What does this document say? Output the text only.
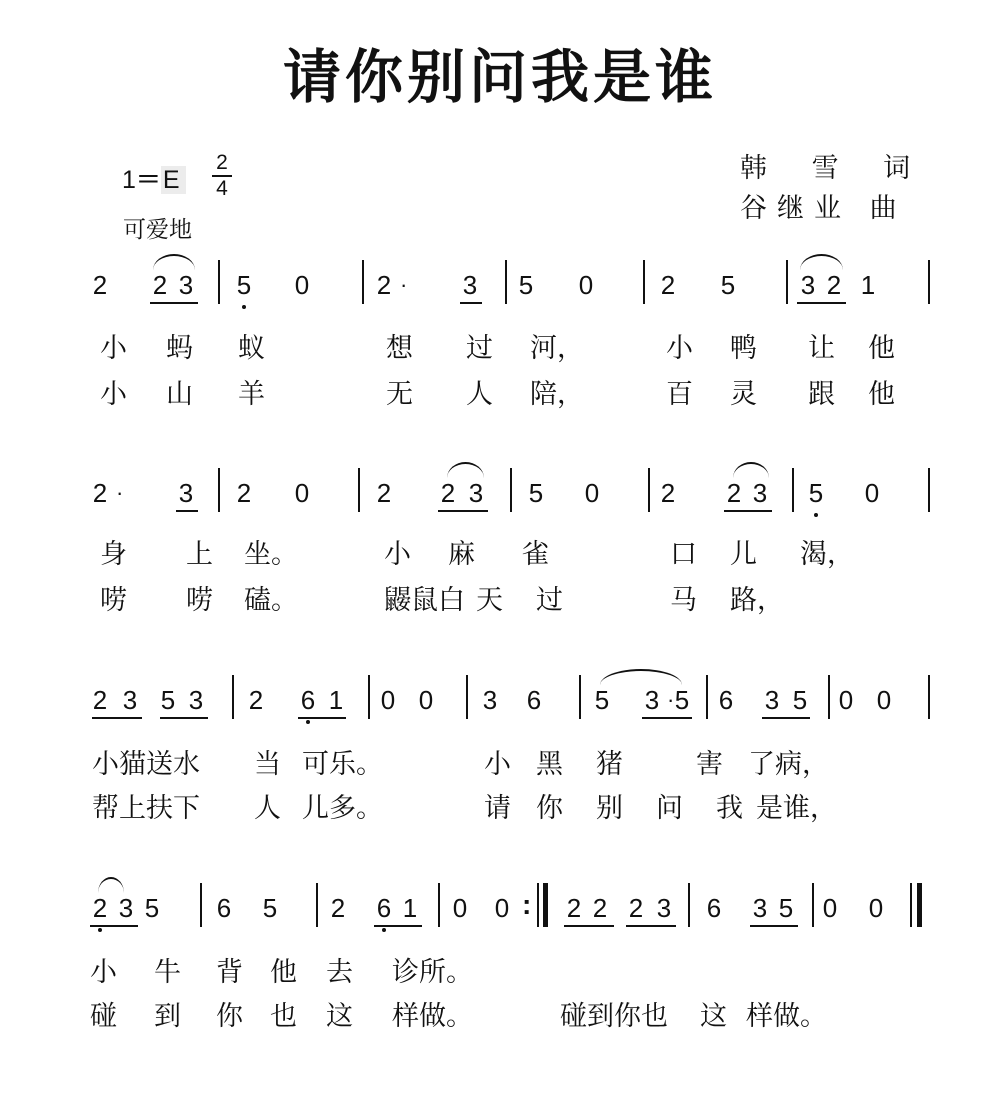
请你别问我是谁
1＝E
2
4
可爱地
韩 雪 词
谷继业 曲
2 2 3 5 0	2 · 3 5 0	2 5	3 2 1
小 蚂 蚁	想 过 河，	小 鸭 让 他
小 山 羊	无 人 陪，	百 灵 跟 他
2 · 3 2 0	2 2 3 5 0 2 2 3 5 0
身 上 坐。	小 麻 雀	口 儿 渴，
唠 唠 磕。	鼹鼠白 天 过	马 路，
2 3 5 3 2 6 1 0 0 3 6 5 3 · 5 6 3 5 0 0
小猫送水 当 可乐。	小 黑 猪	害 了病，
帮上扶下 人 儿多。	请 你 别 问 我 是谁，
2 3 5 6 5 2 6 1 0 0 2 2 2 3 6 3 5 0 0
小 牛 背 他 去 诊所。
碰 到 你 也 这 样做。	碰到你也 这 样做。
:
